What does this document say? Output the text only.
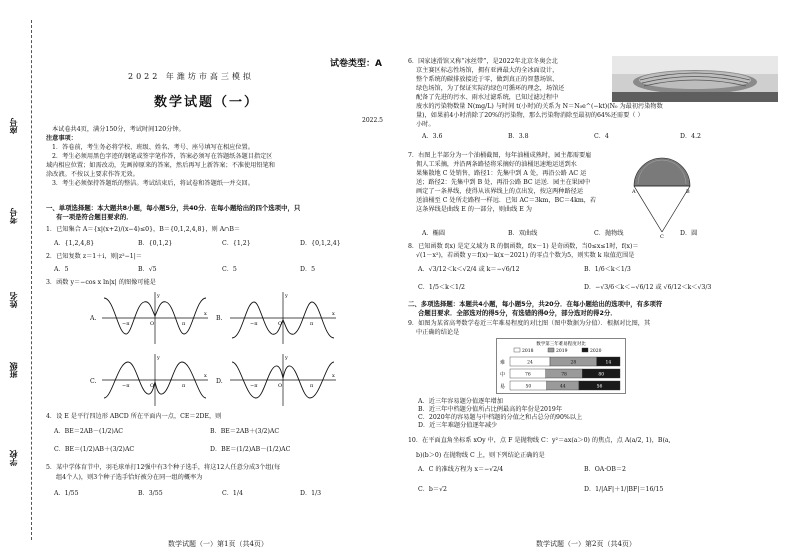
座号
考号
姓名
班级
学校
试卷类型：A
2022 年潍坊市高三模拟
数学试题（一）
2022.5
本试卷共4页，满分150分，考试时间120分钟。
注意事项：
1．答卷前，考生务必将学校、班级、姓名、考号、座号填写在相应位置。
2．考生必须用黑色字迹的钢笔或签字笔作答，答案必须写在答题纸各题目指定区
域内相应位置；如需改动，先画掉原来的答案，然后再写上新答案；不准使用铅笔和
涂改液。不按以上要求作答无效。
3．考生必须保持答题纸的整洁。考试结束后，将试卷和答题纸一并交回。
一、单项选择题：本大题共8小题，每小题5分，共40分．在每小题给出的四个选项中，只
有一项是符合题目要求的．
1．已知集合 A＝{x|(x+2)/(x−4)≤0}，B＝{0,1,2,4,8}，则 A∩B＝
A．{1,2,4,8}	B．{0,1,2}	C．{1,2}	D．{0,1,2,4}
2．已知复数 z＝1＋i，则|z²−1|＝
A．5	B．√5	C．5	D．5
3．函数 y＝−cos x ln|x| 的图像可能是
A.	B.
C.	D.
−π	π
O
x
y
−π	π
O
x
y
−π	π
O
x
y
−π	π
O
x
y
4．设 E 是平行四边形 ABCD 所在平面内一点，CE＝2DE，则
A．BE＝2AB－(1/2)AC	B．BE＝2AB＋(3/2)AC
C．BE＝(1/2)AB＋(3/2)AC	D．BE＝(1/2)AB－(1/2)AC
5．某中学体育节中，羽毛球单打12强中有3个种子选手，将这12人任意分成3个组(每
组4个人)，则3个种子选手恰好被分在同一组的概率为
A．1/55	B．3/55	C．1/4	D．1/3
数学试题（一）第1页（共4页）
6．国家速滑馆又称“冰丝带”，是2022年北京冬奥会北
京主赛区标志性场馆，拥有亚洲最大的全冰面设计，
整个系统的碳排放接近于零，做到真正的智慧场馆、
绿色场馆，为了保证实际的绿色可循环的理念，场馆还
配备了先进的污水、雨水过滤系统，已知过滤过程中
废水的污染物数量 N(mg/L) 与时间 t(小时)的关系为 N＝N₀e^(−kt)(N₀ 为最初污染物数
量)，如果前4小时消除了20%的污染物，那么污染物消除至最初的64%还需要（ ）
小时。
A．3.6	B．3.8	C．4	D．4.2
7．右图上半部分为一个油桶截图，每年油桶成熟时，园主都需要雇
佣人工采摘，并沿两条路径将采摘好的油桶迅速地运送到水
果集散地 C 处销售，路径1：先集中到 A 处，再沿公路 AC 运
送；路径2：先集中到 B 处，再沿公路 BC 运送．园主在果园中
画定了一条界线，使得从该界线上的点出发，按这两种路径运
送油桶至 C 处所走路程一样远．已知 AC＝3km，BC＝4km，若
这条界线是曲线 E 的一部分，则曲线 E 为
A	B
C
A．椭圆	B．双曲线	C．抛物线	D．圆
8．已知函数 f(x) 是定义域为 R 的偶函数，f(x－1) 是奇函数，当0≤x≤1时，f(x)＝
√(1－x²)，若函数 y＝f(x)－k(x－2021) 的零点个数为5，则实数 k 取值范围是
A．√3/12＜k＜√2/4 或 k＝−√6/12	B．1/6＜k＜1/3
C．1/5＜k＜1/2	D．−√3/6＜k＜−√6/12 或 √6/12＜k＜√3/3
二、多项选择题：本题共4小题，每小题5分，共20分．在每小题给出的选项中，有多项符
合题目要求．全部选对的得5分，有选错的得0分，部分选对的得2分．
9．如图为某省高考数学卷近三年难易程度的对比图（图中数据为分值）．根据对比图，其
中正确的结论是
数学第三年难易程度对比
2018	2019	2020
难	24	28	14
中	76	78	80
易	50	44	56
A．近三年容易题分值逐年增加
B．近三年中档题分值所占比例最高的年份是2019年
C．2020年的容易题与中档题的分值之和占总分的90%以上
D．近三年难题分值逐年减少
10．在平面直角坐标系 xOy 中，点 F 是抛物线 C：y²＝ax(a＞0) 的焦点，点 A(a/2, 1)，B(a,
b)(b＞0) 在抛物线 C 上，则下列结论正确的是
A．C 的准线方程为 x＝−√2/4	B．OA·OB＝2
C．b＝√2	D．1/|AF|＋1/|BF|＝16/15
数学试题（一）第2页（共4页）
